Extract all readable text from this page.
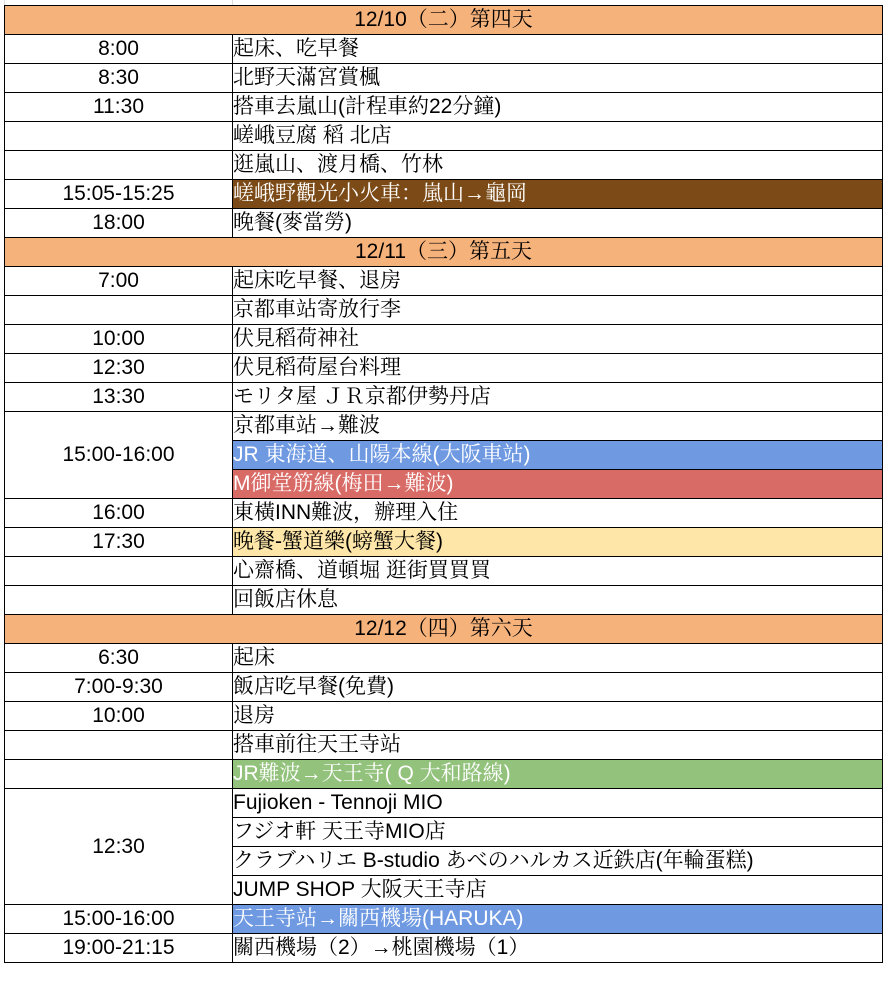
12/10（二）第四天	
8:00	起床、吃早餐
8:30	北野天滿宮賞楓
11:30	搭車去嵐山(計程車約22分鐘)
	嵯峨豆腐 稻 北店
	逛嵐山、渡月橋、竹林
15:05-15:25	嵯峨野觀光小火車：嵐山→龜岡
18:00	晚餐(麥當勞)
12/11（三）第五天	
7:00	起床吃早餐、退房
	京都車站寄放行李
10:00	伏見稻荷神社
12:30	伏見稻荷屋台料理
13:30	モリタ屋 ＪＲ京都伊勢丹店
15:00-16:00	京都車站→難波
	JR 東海道、山陽本線(大阪車站)
	M御堂筋線(梅田→難波)
16:00	東橫INN難波，辦理入住
17:30	晚餐-蟹道樂(螃蟹大餐)
	心齋橋、道頓堀 逛街買買買
	回飯店休息
12/12（四）第六天	
6:30	起床
7:00-9:30	飯店吃早餐(免費)
10:00	退房
	搭車前往天王寺站
	JR難波→天王寺( Q 大和路線)
12:30	Fujioken - Tennoji MIO
	フジオ軒 天王寺MIO店
	クラブハリエ B-studio あべのハルカス近鉄店(年輪蛋糕)
	JUMP SHOP 大阪天王寺店
15:00-16:00	天王寺站→關西機場(HARUKA)
19:00-21:15	關西機場（2）→桃園機場（1）
